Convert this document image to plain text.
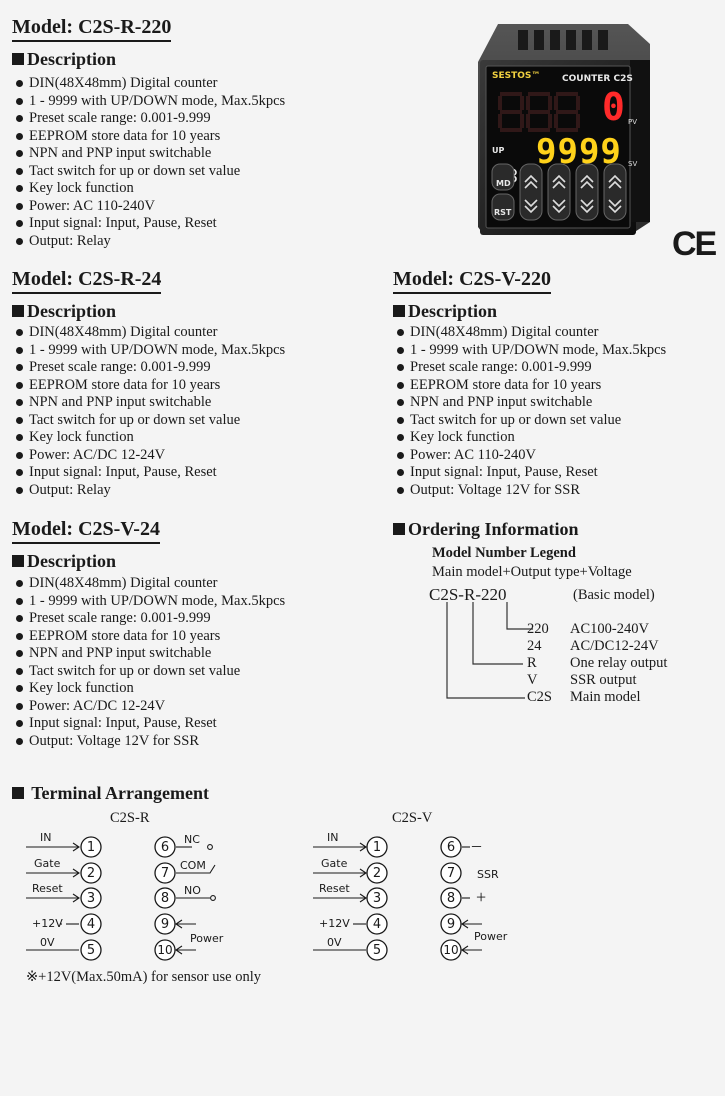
Model: C2S-R-220
Description
DIN(48X48mm) Digital counter
1 - 9999 with UP/DOWN mode, Max.5kpcs
Preset scale range: 0.001-9.999
EEPROM store data for 10 years
NPN and PNP input switchable
Tact switch for up or down set value
Key lock function
Power: AC 110-240V
Input signal: Input, Pause, Reset
Output: Relay
SESTOS™ COUNTER C2S
0 PV
UP 9999 SV
MD
RST
CE
Model: C2S-R-24
Description
DIN(48X48mm) Digital counter
1 - 9999 with UP/DOWN mode, Max.5kpcs
Preset scale range: 0.001-9.999
EEPROM store data for 10 years
NPN and PNP input switchable
Tact switch for up or down set value
Key lock function
Power: AC/DC 12-24V
Input signal: Input, Pause, Reset
Output: Relay
Model: C2S-V-220
Description
DIN(48X48mm) Digital counter
1 - 9999 with UP/DOWN mode, Max.5kpcs
Preset scale range: 0.001-9.999
EEPROM store data for 10 years
NPN and PNP input switchable
Tact switch for up or down set value
Key lock function
Power: AC 110-240V
Input signal: Input, Pause, Reset
Output: Voltage 12V for SSR
Model: C2S-V-24
Description
DIN(48X48mm) Digital counter
1 - 9999 with UP/DOWN mode, Max.5kpcs
Preset scale range: 0.001-9.999
EEPROM store data for 10 years
NPN and PNP input switchable
Tact switch for up or down set value
Key lock function
Power: AC/DC 12-24V
Input signal: Input, Pause, Reset
Output: Voltage 12V for SSR
Ordering Information
Model Number Legend
Main model+Output type+Voltage
C2S-R-220	(Basic model)
220 AC100-240V
24 AC/DC12-24V
R One relay output
V SSR output
C2S Main model
Terminal Arrangement
C2S-R	C2S-V
1
2
3
4
5
6
7
8
9
10
1
2
3
4
5
6
7
8
9
10
IN
Gate
Reset
+12V
0V
NC
COM
NO
Power
IN
Gate
Reset
+12V
0V
–
SSR
+
Power
※+12V(Max.50mA) for sensor use only
